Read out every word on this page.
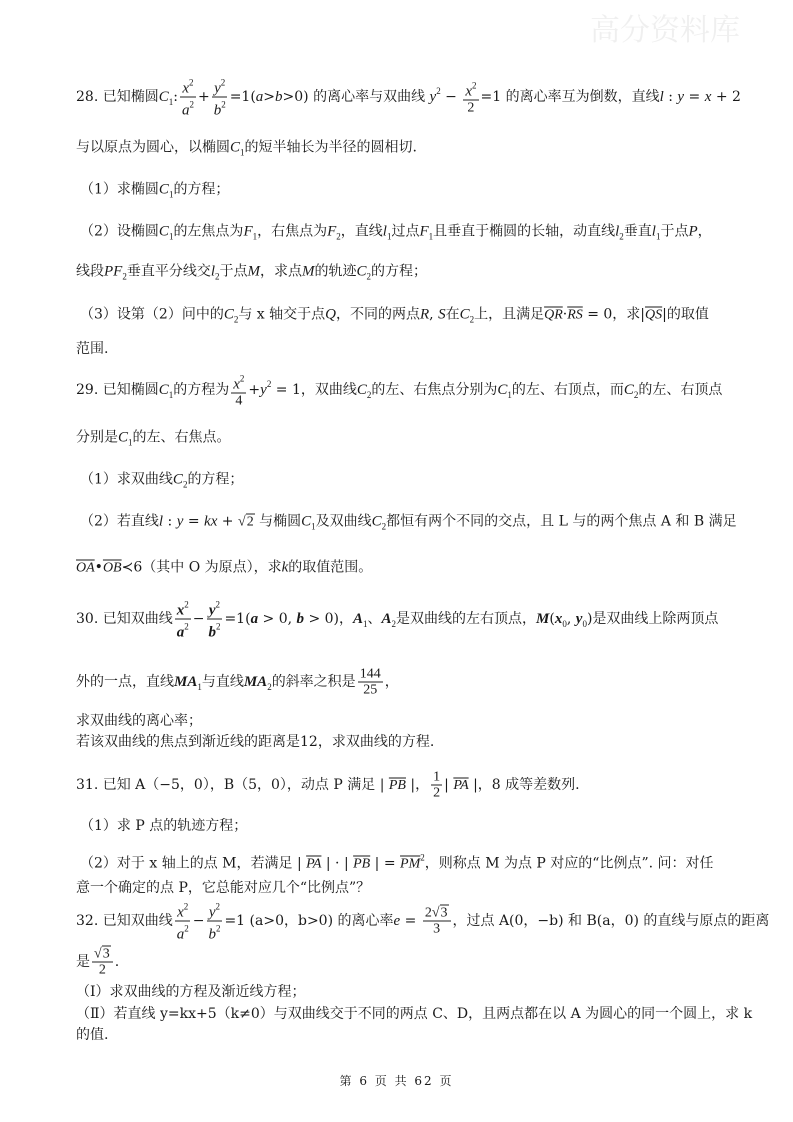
高分资料库
28. 已知椭圆$C_1$: $\frac{x^2}{a^2} + \frac{y^2}{b^2} =1(a>b>0)$ 的离心率与双曲线 $y^2 - \frac{x^2}{2} =1$ 的离心率互为倒数，直线l : y = x + 2
与以原点为圆心，以椭圆$C_1$的短半轴长为半径的圆相切.
（1）求椭圆$C_1$的方程；
（2）设椭圆$C_1$的左焦点为$F_1$，右焦点为$F_2$，直线$l_1$过点$F_1$且垂直于椭圆的长轴，动直线$l_2$垂直$l_1$于点P，
线段$PF_2$垂直平分线交$l_2$于点M，求点M的轨迹$C_2$的方程；
（3）设第（2）问中的$C_2$与 x 轴交于点Q，不同的两点R, S在$C_2$上，且满足$\overline{QR}\cdot\overline{RS} = 0$，求$|\overline{QS}|$的取值
范围.
29. 已知椭圆$C_1$的方程为 $\frac{x^2}{4} +y^2 = 1$，双曲线$C_2$的左、右焦点分别为$C_1$的左、右顶点，而$C_2$的左、右顶点
分别是$C_1$的左、右焦点。
（1）求双曲线$C_2$的方程；
（2）若直线l : y = kx + √2 与椭圆$C_1$及双曲线$C_2$都恒有两个不同的交点，且 L 与的两个焦点 A 和 B 满足
$\overline{OA}•\overline{OB}≺6$（其中 O 为原点），求k的取值范围。
30. 已知双曲线 $\frac{x^2}{a^2} - \frac{y^2}{b^2} =1(a > 0$, b > 0)，$A_1$、$A_2$是双曲线的左右顶点，$M(x_0$, $y_0$)是双曲线上除两顶点
外的一点，直线$MA_1$与直线$MA_2$的斜率之积是 $\frac{144}{25}$ ，
求双曲线的离心率；
若该双曲线的焦点到渐近线的距离是12，求双曲线的方程.
31. 已知 A（−5，0），B（5，0），动点 P 满足 | $\overline{PB}$ |， $\frac{1}{2}$ | $\overline{PA}$ |，8 成等差数列.
（1）求 P 点的轨迹方程；
（2）对于 x 轴上的点 M，若满足 | $\overline{PA}$ | · | $\overline{PB}$ | = $\overline{PM}^2$，则称点 M 为点 P 对应的“比例点”. 问：对任
意一个确定的点 P，它总能对应几个“比例点”？
32. 已知双曲线 $\frac{x^2}{a^2} - \frac{y^2}{b^2} =1$ (a>0，b>0) 的离心率$e = \frac{2√3}{3}$ ，过点 A(0，−b) 和 B(a，0) 的直线与原点的距离
是 $\frac{√3}{2}$ .
（Ⅰ）求双曲线的方程及渐近线方程；
（Ⅱ）若直线 y=kx+5（k≠0）与双曲线交于不同的两点 C、D，且两点都在以 A 为圆心的同一个圆上，求 k
的值.
第 6 页 共 62 页
